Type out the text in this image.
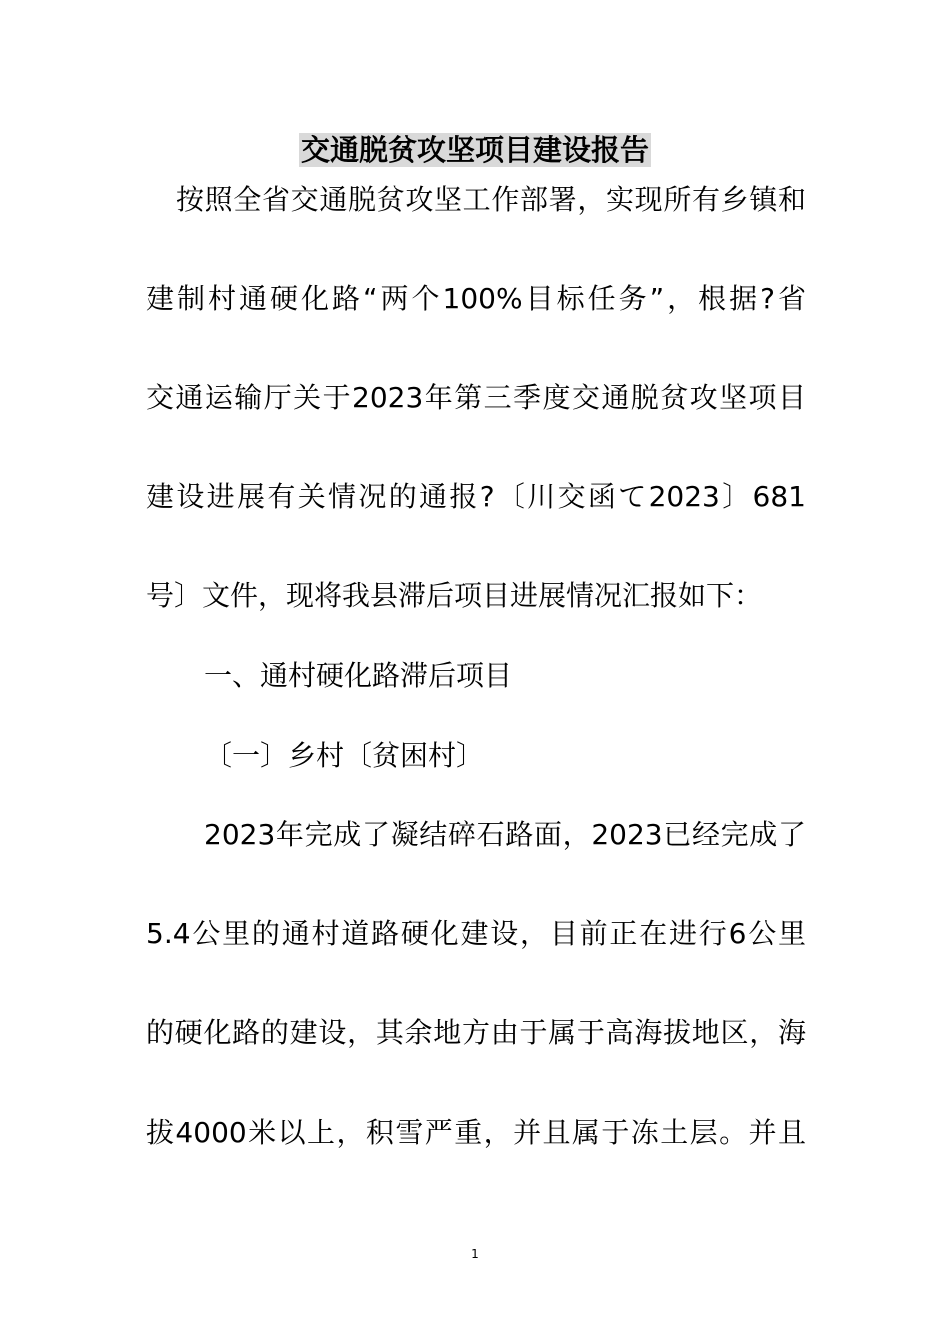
交通脱贫攻坚项目建设报告
按照全省交通脱贫攻坚工作部署，实现所有乡镇和
建制村通硬化路“两个100%目标任务”，根据?省
交通运输厅关于2023年第三季度交通脱贫攻坚项目
建设进展有关情况的通报?〔川交函て2023〕681
号〕文件，现将我县滞后项目进展情况汇报如下：
一、通村硬化路滞后项目
〔一〕乡村〔贫困村〕
2023年完成了凝结碎石路面，2023已经完成了
5.4公里的通村道路硬化建设，目前正在进行6公里
的硬化路的建设，其余地方由于属于高海拔地区，海
拔4000米以上，积雪严重，并且属于冻土层。并且
1
